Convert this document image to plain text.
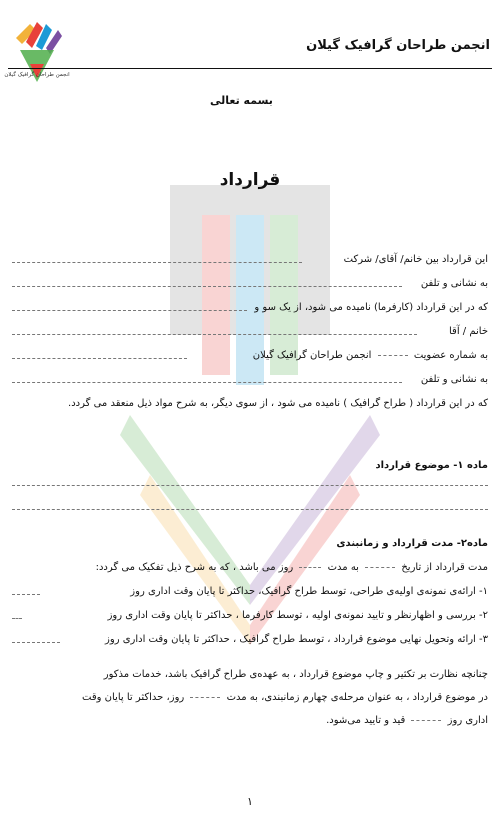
انجمن طراحان گرافیک گیلان
انجمن طراحان گرافیک گیلان
بسمه تعالی
قرارداد
این قرارداد بین خانم/ آقای/ شرکت
به نشانی و تلفن
که در این قرارداد (کارفرما) نامیده می شود، از یک سو و
خانم / آقا
به شماره عضویت  انجمن طراحان گرافیک گیلان
به نشانی و تلفن
که در این قرارداد ( طراح گرافیک ) نامیده می شود ، از سوی دیگر، به شرح مواد ذیل منعقد می گردد.
ماده ۱- موضوع قرارداد
ماده۲- مدت قرارداد و زمانبندی
مدت قرارداد از تاریخ  به مدت  روز می باشد ، که به شرح ذیل تفکیک می گردد:
۱- ارائه‌ی نمونه‌ی اولیه‌ی طراحی، توسط طراح گرافیک، حداکثر تا پایان وقت اداری روز
۲- بررسی و اظهارنظر و تایید نمونه‌ی اولیه ، توسط کارفرما ، حداکثر تا پایان وقت اداری روز
۳- ارائه وتحویل نهایی موضوع قرارداد ، توسط طراح گرافیک ، حداکثر تا پایان وقت اداری روز
چنانچه نظارت بر تکثیر و چاپ موضوع قرارداد ، به عهده‌ی طراح گرافیک باشد، خدمات مذکور
در موضوع قرارداد ، به عنوان مرحله‌ی چهارم زمانبندی، به مدت  روز، حداکثر تا پایان وقت
اداری روز  قید و تایید می‌شود.
۱
